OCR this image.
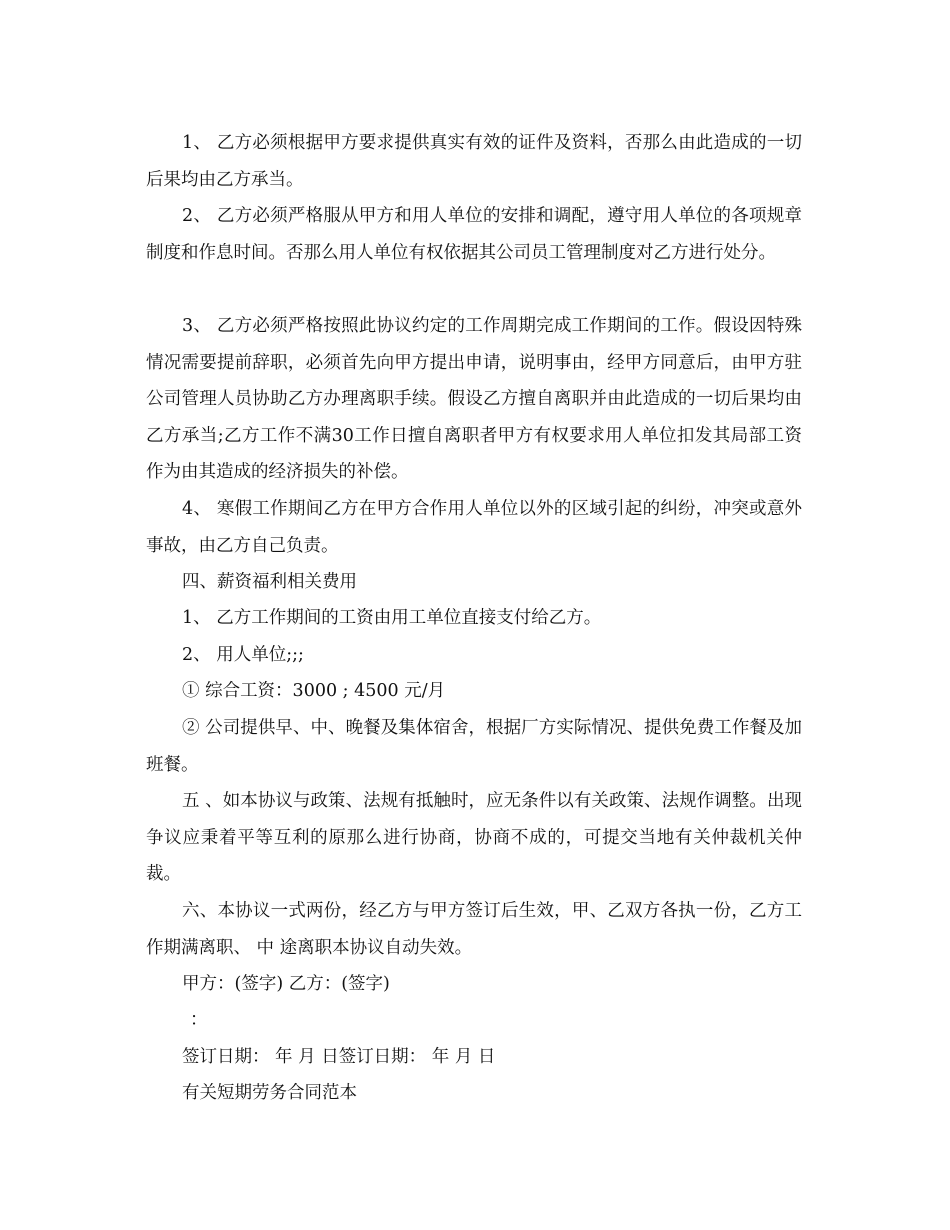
1、 乙方必须根据甲方要求提供真实有效的证件及资料，否那么由此造成的一切后果均由乙方承当。

2、 乙方必须严格服从甲方和用人单位的安排和调配，遵守用人单位的各项规章制度和作息时间。否那么用人单位有权依据其公司员工管理制度对乙方进行处分。

3、 乙方必须严格按照此协议约定的工作周期完成工作期间的工作。假设因特殊情况需要提前辞职，必须首先向甲方提出申请，说明事由，经甲方同意后，由甲方驻公司管理人员协助乙方办理离职手续。假设乙方擅自离职并由此造成的一切后果均由乙方承当;乙方工作不满30工作日擅自离职者甲方有权要求用人单位扣发其局部工资作为由其造成的经济损失的补偿。

4、 寒假工作期间乙方在甲方合作用人单位以外的区域引起的纠纷，冲突或意外事故，由乙方自己负责。

四、薪资福利相关费用

1、 乙方工作期间的工资由用工单位直接支付给乙方。

2、 用人单位;;;

① 综合工资：3000 ; 4500 元/月

② 公司提供早、中、晚餐及集体宿舍，根据厂方实际情况、提供免费工作餐及加班餐。

五 、如本协议与政策、法规有抵触时，应无条件以有关政策、法规作调整。出现争议应秉着平等互利的原那么进行协商，协商不成的，可提交当地有关仲裁机关仲裁。

六、本协议一式两份，经乙方与甲方签订后生效，甲、乙双方各执一份，乙方工作期满离职、 中 途离职本协议自动失效。

甲方：(签字) 乙方：(签字)

：

签订日期： 年 月 日签订日期： 年 月 日

有关短期劳务合同范本
